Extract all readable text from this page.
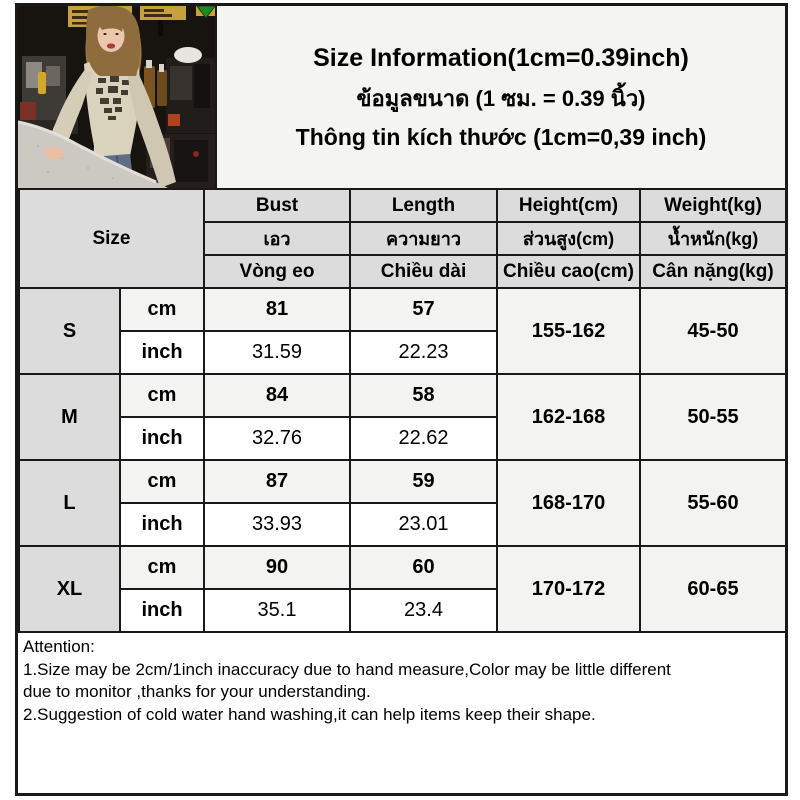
Size Information(1cm=0.39inch)
ข้อมูลขนาด (1 ซม. = 0.39 นิ้ว)
Thông tin kích thước (1cm=0,39 inch)
Size		Bust	Length	Height(cm)	Weight(kg)
		เอว	ความยาว	ส่วนสูง(cm)	น้ำหนัก(kg)
		Vòng eo	Chiều dài	Chiều cao(cm)	Cân nặng(kg)
S	cm	81	57	155-162	45-50
	inch	31.59	22.23		
M	cm	84	58	162-168	50-55
	inch	32.76	22.62		
L	cm	87	59	168-170	55-60
	inch	33.93	23.01		
XL	cm	90	60	170-172	60-65
	inch	35.1	23.4		
Attention:
1.Size may be 2cm/1inch inaccuracy due to hand measure,Color may be little different
due to monitor ,thanks for your understanding.
2.Suggestion of cold water hand washing,it can help items keep their shape.
